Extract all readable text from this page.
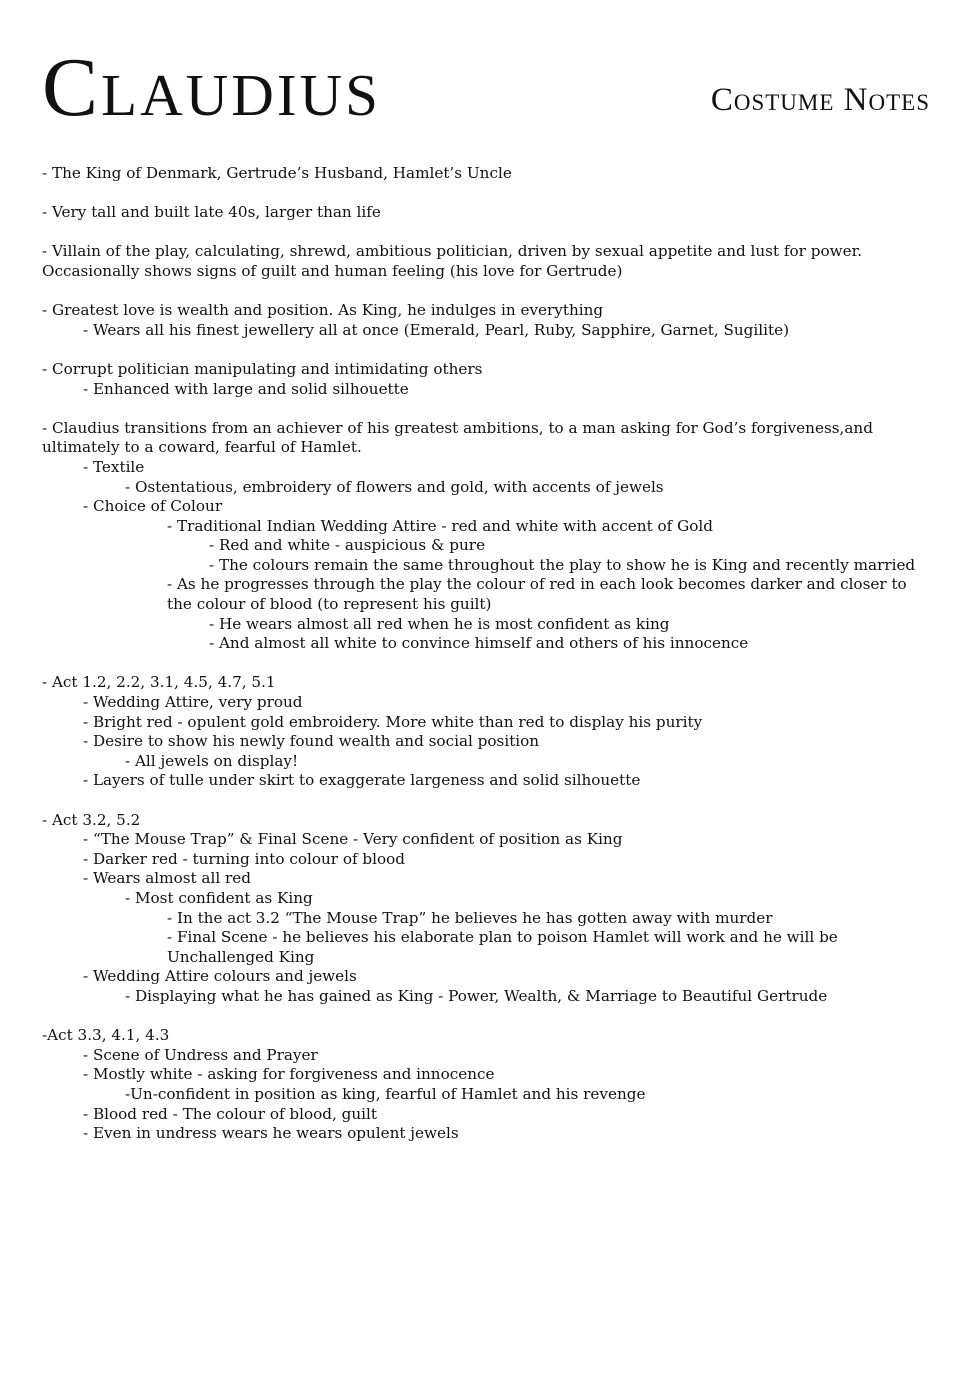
Claudius	Costume Notes
- The King of Denmark, Gertrude’s Husband, Hamlet’s Uncle
- Very tall and built late 40s, larger than life
- Villain of the play, calculating, shrewd, ambitious politician, driven by sexual appetite and lust for power. Occasionally shows signs of guilt and human feeling (his love for Gertrude)
- Greatest love is wealth and position. As King, he indulges in everything
- Wears all his finest jewellery all at once (Emerald, Pearl, Ruby, Sapphire, Garnet, Sugilite)
- Corrupt politician manipulating and intimidating others
- Enhanced with large and solid silhouette
- Claudius transitions from an achiever of his greatest ambitions, to a man asking for God’s forgiveness,and ultimately to a coward, fearful of Hamlet.
- Textile
- Ostentatious, embroidery of flowers and gold, with accents of jewels
- Choice of Colour
- Traditional Indian Wedding Attire - red and white with accent of Gold
- Red and white - auspicious & pure
- The colours remain the same throughout the play to show he is King and recently married
- As he progresses through the play the colour of red in each look becomes darker and closer to the colour of blood (to represent his guilt)
- He wears almost all red when he is most confident as king
- And almost all white to convince himself and others of his innocence
- Act 1.2, 2.2, 3.1, 4.5, 4.7, 5.1
- Wedding Attire, very proud
- Bright red - opulent gold embroidery. More white than red to display his purity
- Desire to show his newly found wealth and social position
- All jewels on display!
- Layers of tulle under skirt to exaggerate largeness and solid silhouette
- Act 3.2, 5.2
- “The Mouse Trap” & Final Scene - Very confident of position as King
- Darker red - turning into colour of blood
- Wears almost all red
- Most confident as King
- In the act 3.2 “The Mouse Trap” he believes he has gotten away with murder
- Final Scene - he believes his elaborate plan to poison Hamlet will work and he will be Unchallenged King
- Wedding Attire colours and jewels
- Displaying what he has gained as King - Power, Wealth, & Marriage to Beautiful Gertrude
-Act 3.3, 4.1, 4.3
- Scene of Undress and Prayer
- Mostly white - asking for forgiveness and innocence
-Un-confident in position as king, fearful of Hamlet and his revenge
- Blood red - The colour of blood, guilt
- Even in undress wears he wears opulent jewels
